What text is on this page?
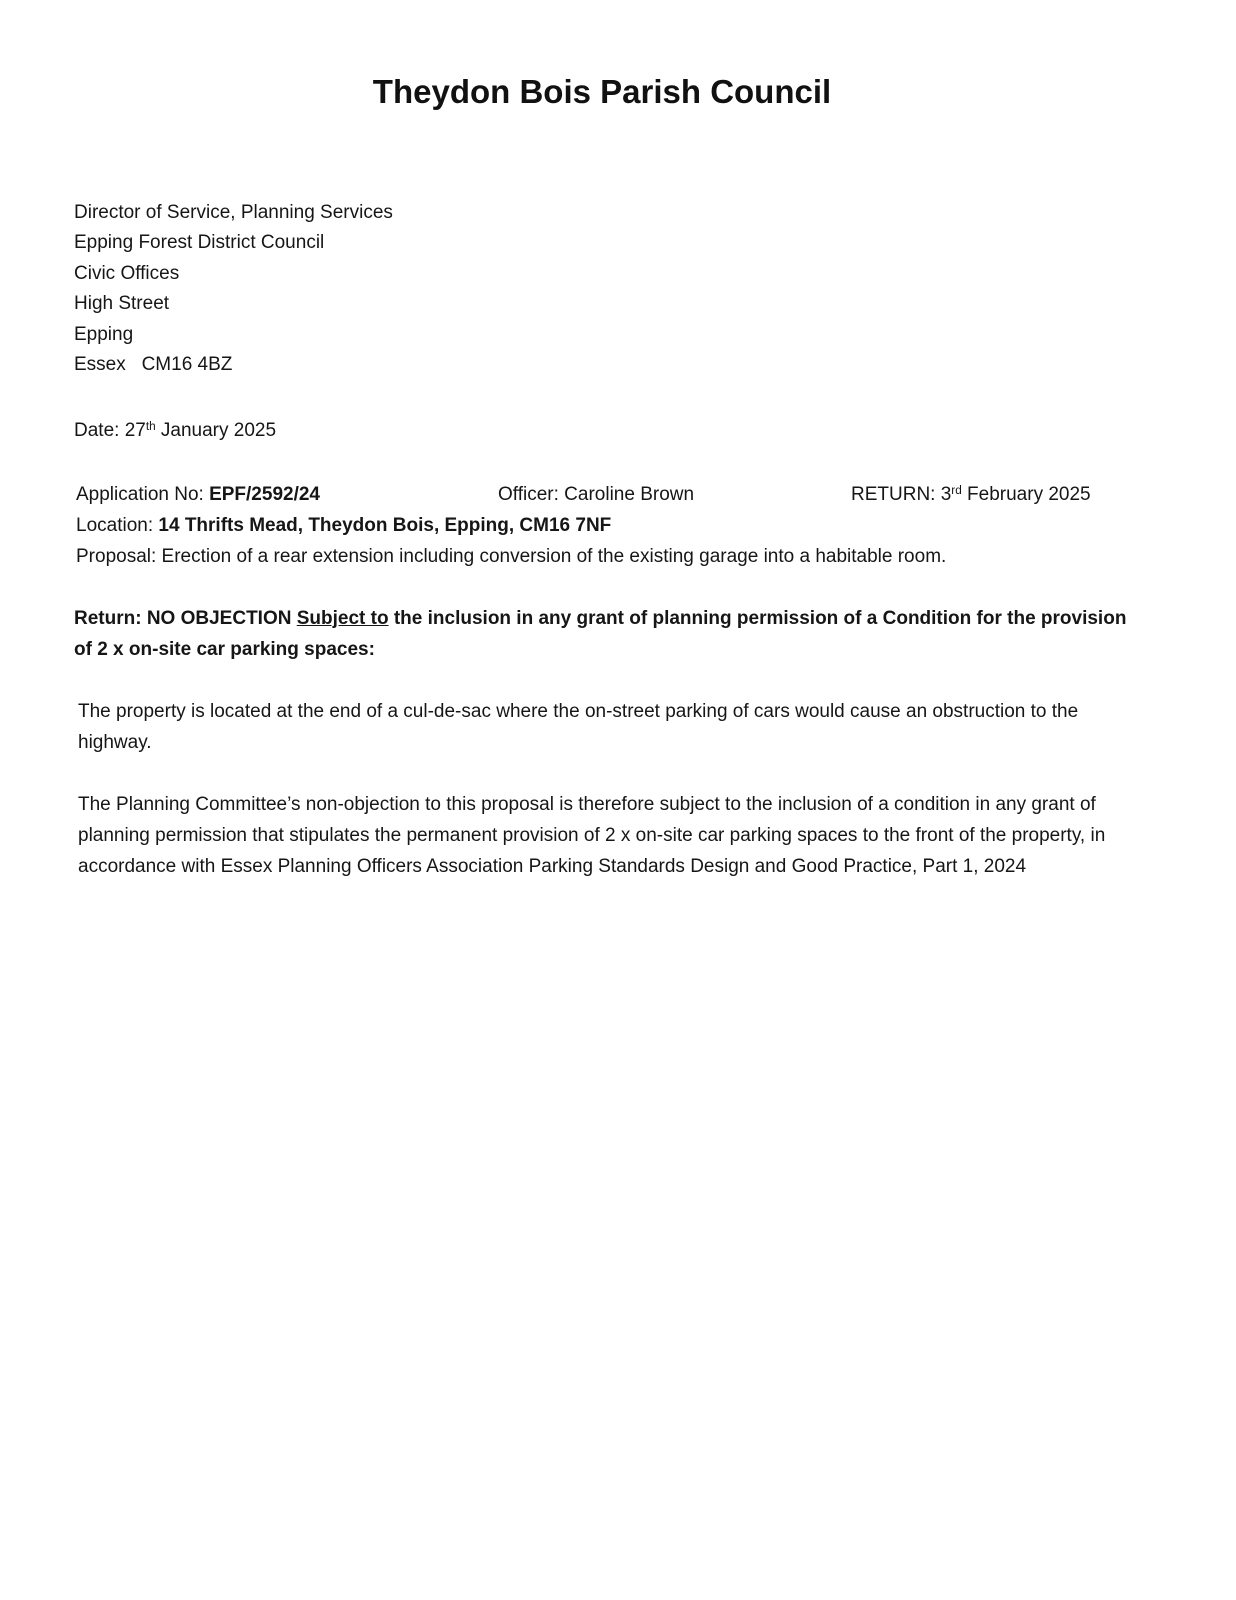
Theydon Bois Parish Council
Director of Service, Planning Services
Epping Forest District Council
Civic Offices
High Street
Epping
Essex   CM16 4BZ

Date: 27th January 2025

Application No: EPF/2592/24	Officer: Caroline Brown	RETURN: 3rd February 2025

Location: 14 Thrifts Mead, Theydon Bois, Epping, CM16 7NF

Proposal: Erection of a rear extension including conversion of the existing garage into a habitable room.

Return: NO OBJECTION Subject to the inclusion in any grant of planning permission of a Condition for the provision of 2 x on-site car parking spaces:

The property is located at the end of a cul-de-sac where the on-street parking of cars would cause an obstruction to the highway.

The Planning Committee’s non-objection to this proposal is therefore subject to the inclusion of a condition in any grant of planning permission that stipulates the permanent provision of 2 x on-site car parking spaces to the front of the property, in accordance with Essex Planning Officers Association Parking Standards Design and Good Practice, Part 1, 2024
